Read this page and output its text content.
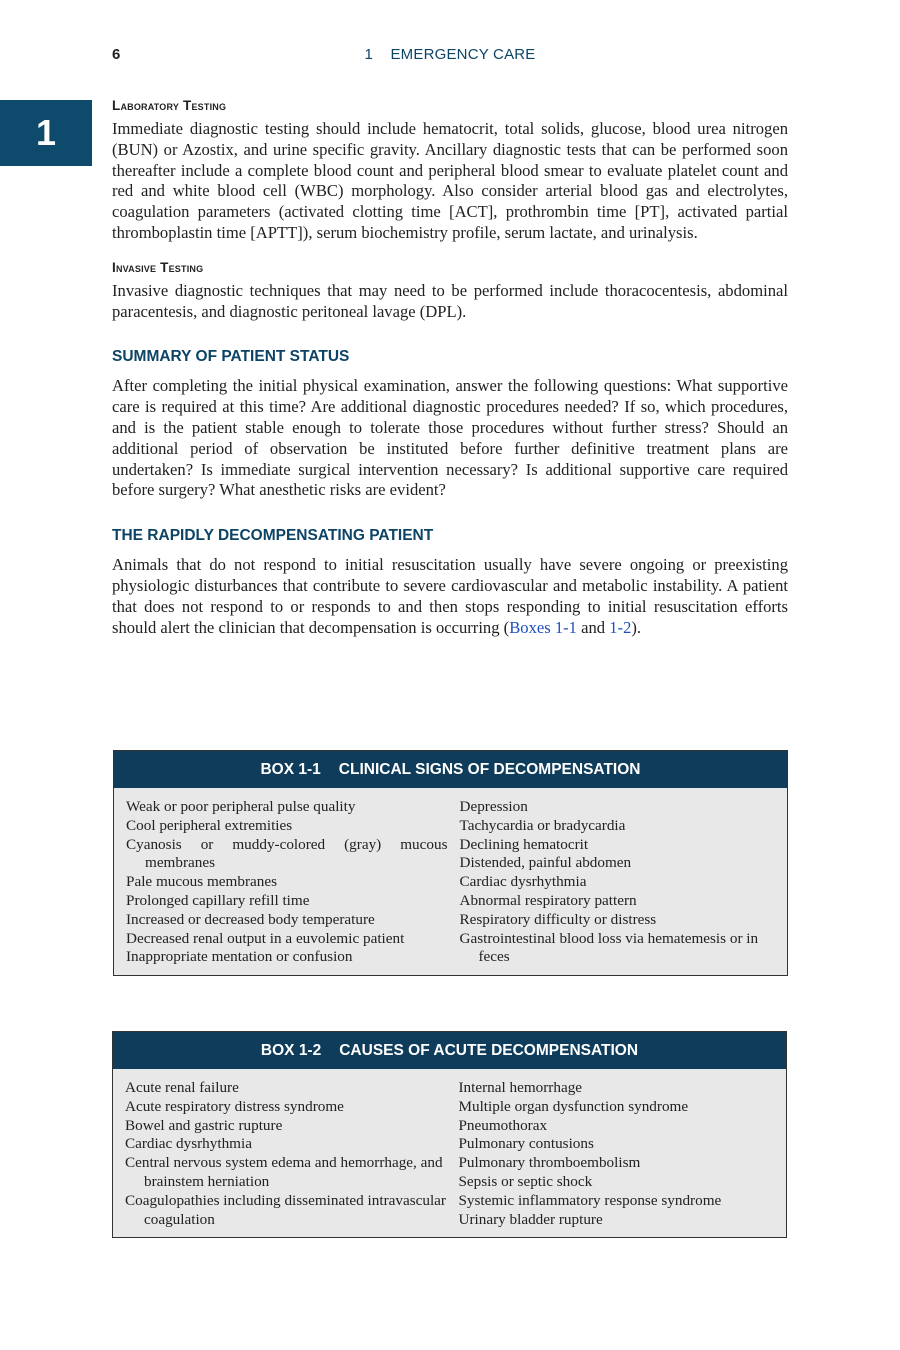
6	1    EMERGENCY CARE
1
Laboratory Testing

Immediate diagnostic testing should include hematocrit, total solids, glucose, blood urea nitrogen (BUN) or Azostix, and urine specific gravity. Ancillary diagnostic tests that can be performed soon thereafter include a complete blood count and peripheral blood smear to evaluate platelet count and red and white blood cell (WBC) morphology. Also consider arterial blood gas and electrolytes, coagulation parameters (activated clotting time [ACT], prothrombin time [PT], activated partial thromboplastin time [APTT]), serum biochemistry profile, serum lactate, and urinalysis.

Invasive Testing

Invasive diagnostic techniques that may need to be performed include thoracocentesis, abdominal paracentesis, and diagnostic peritoneal lavage (DPL).

SUMMARY OF PATIENT STATUS

After completing the initial physical examination, answer the following questions: What supportive care is required at this time? Are additional diagnostic procedures needed? If so, which procedures, and is the patient stable enough to tolerate those procedures without further stress? Should an additional period of observation be instituted before further definitive treatment plans are undertaken? Is immediate surgical intervention necessary? Is additional supportive care required before surgery? What anesthetic risks are evident?

THE RAPIDLY DECOMPENSATING PATIENT

Animals that do not respond to initial resuscitation usually have severe ongoing or preexisting physiologic disturbances that contribute to severe cardiovascular and metabolic instability. A patient that does not respond to or responds to and then stops responding to initial resuscitation efforts should alert the clinician that decompensation is occurring (Boxes 1-1 and 1-2).

BOX 1-1 CLINICAL SIGNS OF DECOMPENSATION
Weak or poor peripheral pulse quality
Cool peripheral extremities
Cyanosis or muddy-colored (gray) mucous membranes
Pale mucous membranes
Prolonged capillary refill time
Increased or decreased body temperature
Decreased renal output in a euvolemic patient
Inappropriate mentation or confusion
Depression
Tachycardia or bradycardia
Declining hematocrit
Distended, painful abdomen
Cardiac dysrhythmia
Abnormal respiratory pattern
Respiratory difficulty or distress
Gastrointestinal blood loss via hematemesis or in feces
BOX 1-2 CAUSES OF ACUTE DECOMPENSATION
Acute renal failure
Acute respiratory distress syndrome
Bowel and gastric rupture
Cardiac dysrhythmia
Central nervous system edema and hemorrhage, and brainstem herniation
Coagulopathies including disseminated intravascular coagulation
Internal hemorrhage
Multiple organ dysfunction syndrome
Pneumothorax
Pulmonary contusions
Pulmonary thromboembolism
Sepsis or septic shock
Systemic inflammatory response syndrome
Urinary bladder rupture
